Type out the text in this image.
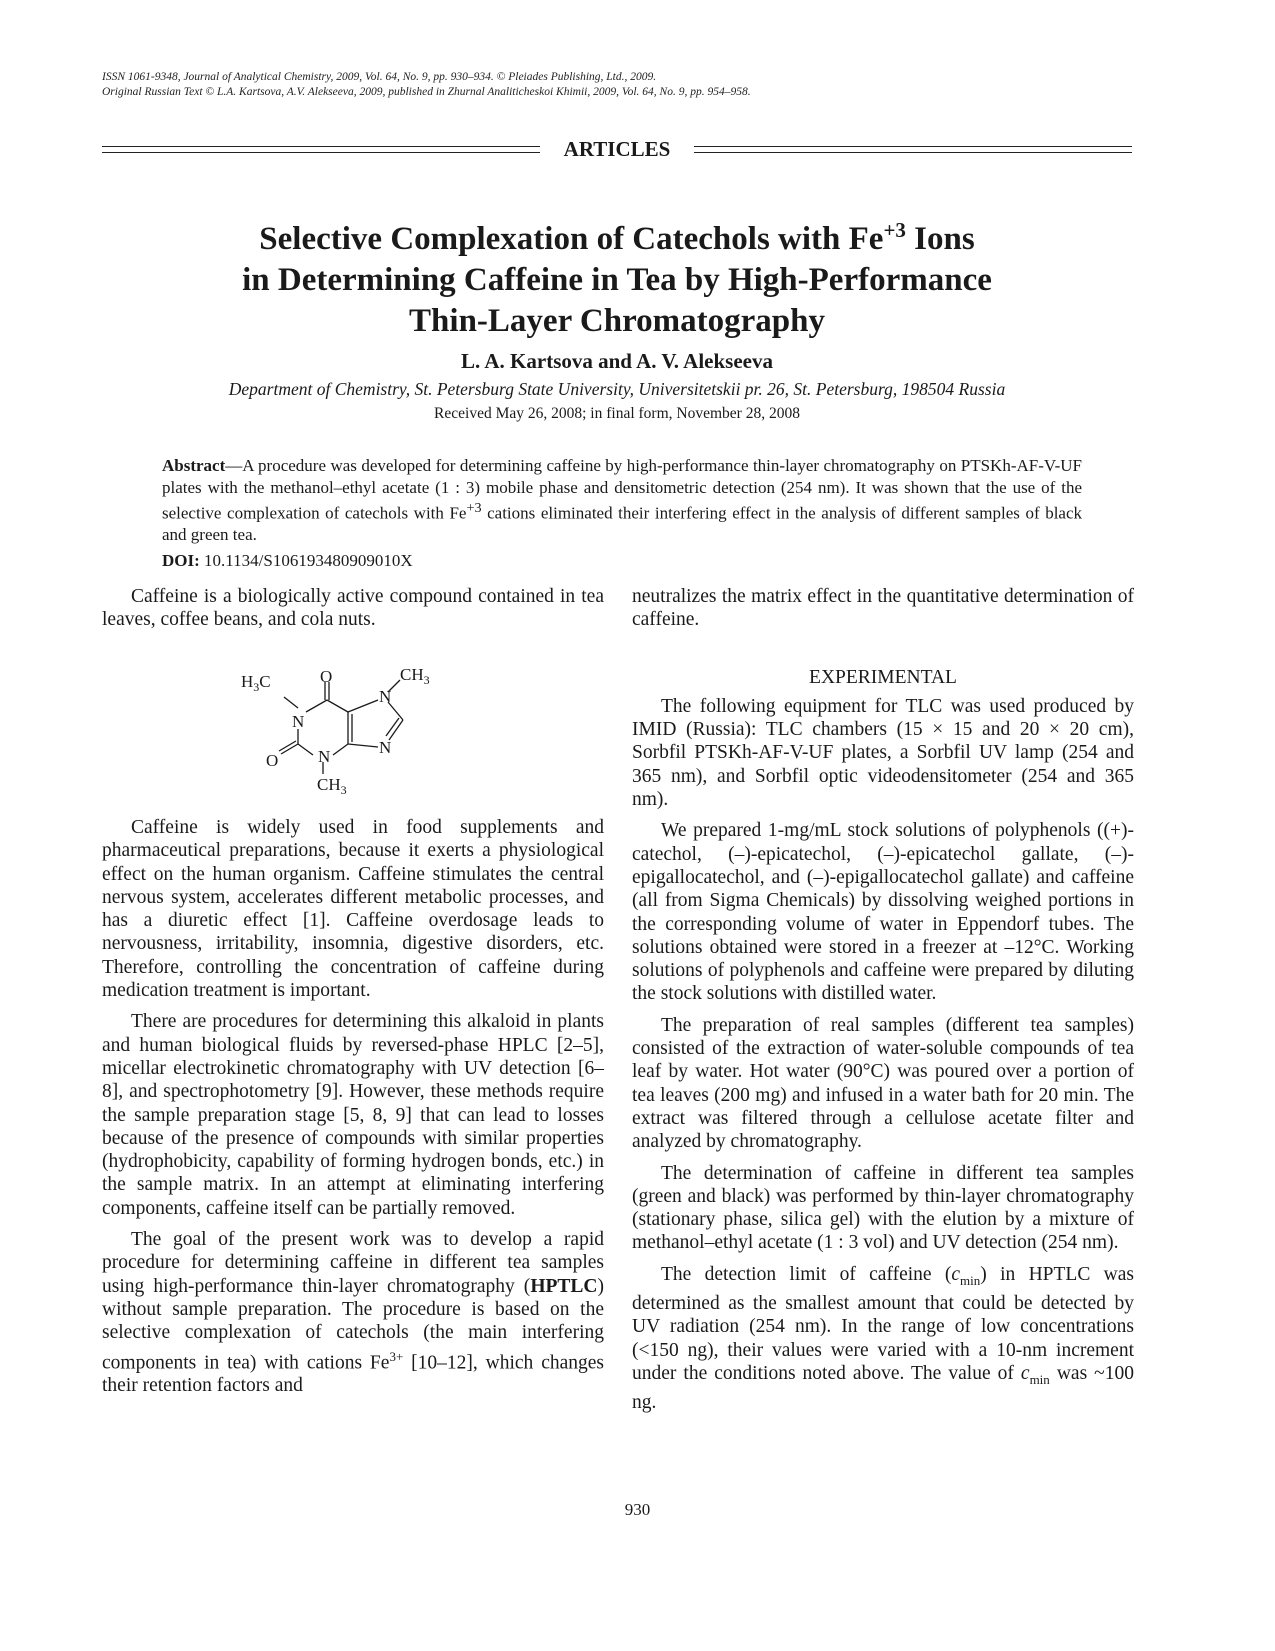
ISSN 1061-9348, Journal of Analytical Chemistry, 2009, Vol. 64, No. 9, pp. 930–934. © Pleiades Publishing, Ltd., 2009.
Original Russian Text © L.A. Kartsova, A.V. Alekseeva, 2009, published in Zhurnal Analiticheskoi Khimii, 2009, Vol. 64, No. 9, pp. 954–958.
ARTICLES
Selective Complexation of Catechols with $Fe^{+3}$ Ions
in Determining Caffeine in Tea by High-Performance
Thin-Layer Chromatography
L. A. Kartsova and A. V. Alekseeva
Department of Chemistry, St. Petersburg State University, Universitetskii pr. 26, St. Petersburg, 198504 Russia
Received May 26, 2008; in final form, November 28, 2008
Abstract—A procedure was developed for determining caffeine by high-performance thin-layer chromatography on PTSKh-AF-V-UF plates with the methanol–ethyl acetate (1 : 3) mobile phase and densitometric detection (254 nm). It was shown that the use of the selective complexation of catechols with $Fe^{+3}$ cations eliminated their interfering effect in the analysis of different samples of black and green tea.
DOI: 10.1134/S106193480909010X

Caffeine is a biologically active compound contained in tea leaves, coffee beans, and cola nuts.

O	$CH_3$
$H_3C$
N
N
O N	N
$CH_3$

Caffeine is widely used in food supplements and pharmaceutical preparations, because it exerts a physiological effect on the human organism. Caffeine stimulates the central nervous system, accelerates different metabolic processes, and has a diuretic effect [1]. Caffeine overdosage leads to nervousness, irritability, insomnia, digestive disorders, etc. Therefore, controlling the concentration of caffeine during medication treatment is important.

There are procedures for determining this alkaloid in plants and human biological fluids by reversed-phase HPLC [2–5], micellar electrokinetic chromatography with UV detection [6–8], and spectrophotometry [9]. However, these methods require the sample preparation stage [5, 8, 9] that can lead to losses because of the presence of compounds with similar properties (hydrophobicity, capability of forming hydrogen bonds, etc.) in the sample matrix. In an attempt at eliminating interfering components, caffeine itself can be partially removed.

The goal of the present work was to develop a rapid procedure for determining caffeine in different tea samples using high-performance thin-layer chromatography (HPTLC) without sample preparation. The procedure is based on the selective complexation of catechols (the main interfering components in tea) with cations $Fe^{3+}$ [10–12], which changes their retention factors and

neutralizes the matrix effect in the quantitative determination of caffeine.

EXPERIMENTAL

The following equipment for TLC was used produced by IMID (Russia): TLC chambers (15 × 15 and 20 × 20 cm), Sorbfil PTSKh-AF-V-UF plates, a Sorbfil UV lamp (254 and 365 nm), and Sorbfil optic videodensitometer (254 and 365 nm).

We prepared 1-mg/mL stock solutions of polyphenols ((+)-catechol, (–)-epicatechol, (–)-epicatechol gallate, (–)-epigallocatechol, and (–)-epigallocatechol gallate) and caffeine (all from Sigma Chemicals) by dissolving weighed portions in the corresponding volume of water in Eppendorf tubes. The solutions obtained were stored in a freezer at –12°C. Working solutions of polyphenols and caffeine were prepared by diluting the stock solutions with distilled water.

The preparation of real samples (different tea samples) consisted of the extraction of water-soluble compounds of tea leaf by water. Hot water (90°C) was poured over a portion of tea leaves (200 mg) and infused in a water bath for 20 min. The extract was filtered through a cellulose acetate filter and analyzed by chromatography.

The determination of caffeine in different tea samples (green and black) was performed by thin-layer chromatography (stationary phase, silica gel) with the elution by a mixture of methanol–ethyl acetate (1 : 3 vol) and UV detection (254 nm).

The detection limit of caffeine $(c_{min})$ in HPTLC was determined as the smallest amount that could be detected by UV radiation (254 nm). In the range of low concentrations (<150 ng), their values were varied with a 10-nm increment under the conditions noted above. The value of $c_{min}$ was ~100 ng.

930
